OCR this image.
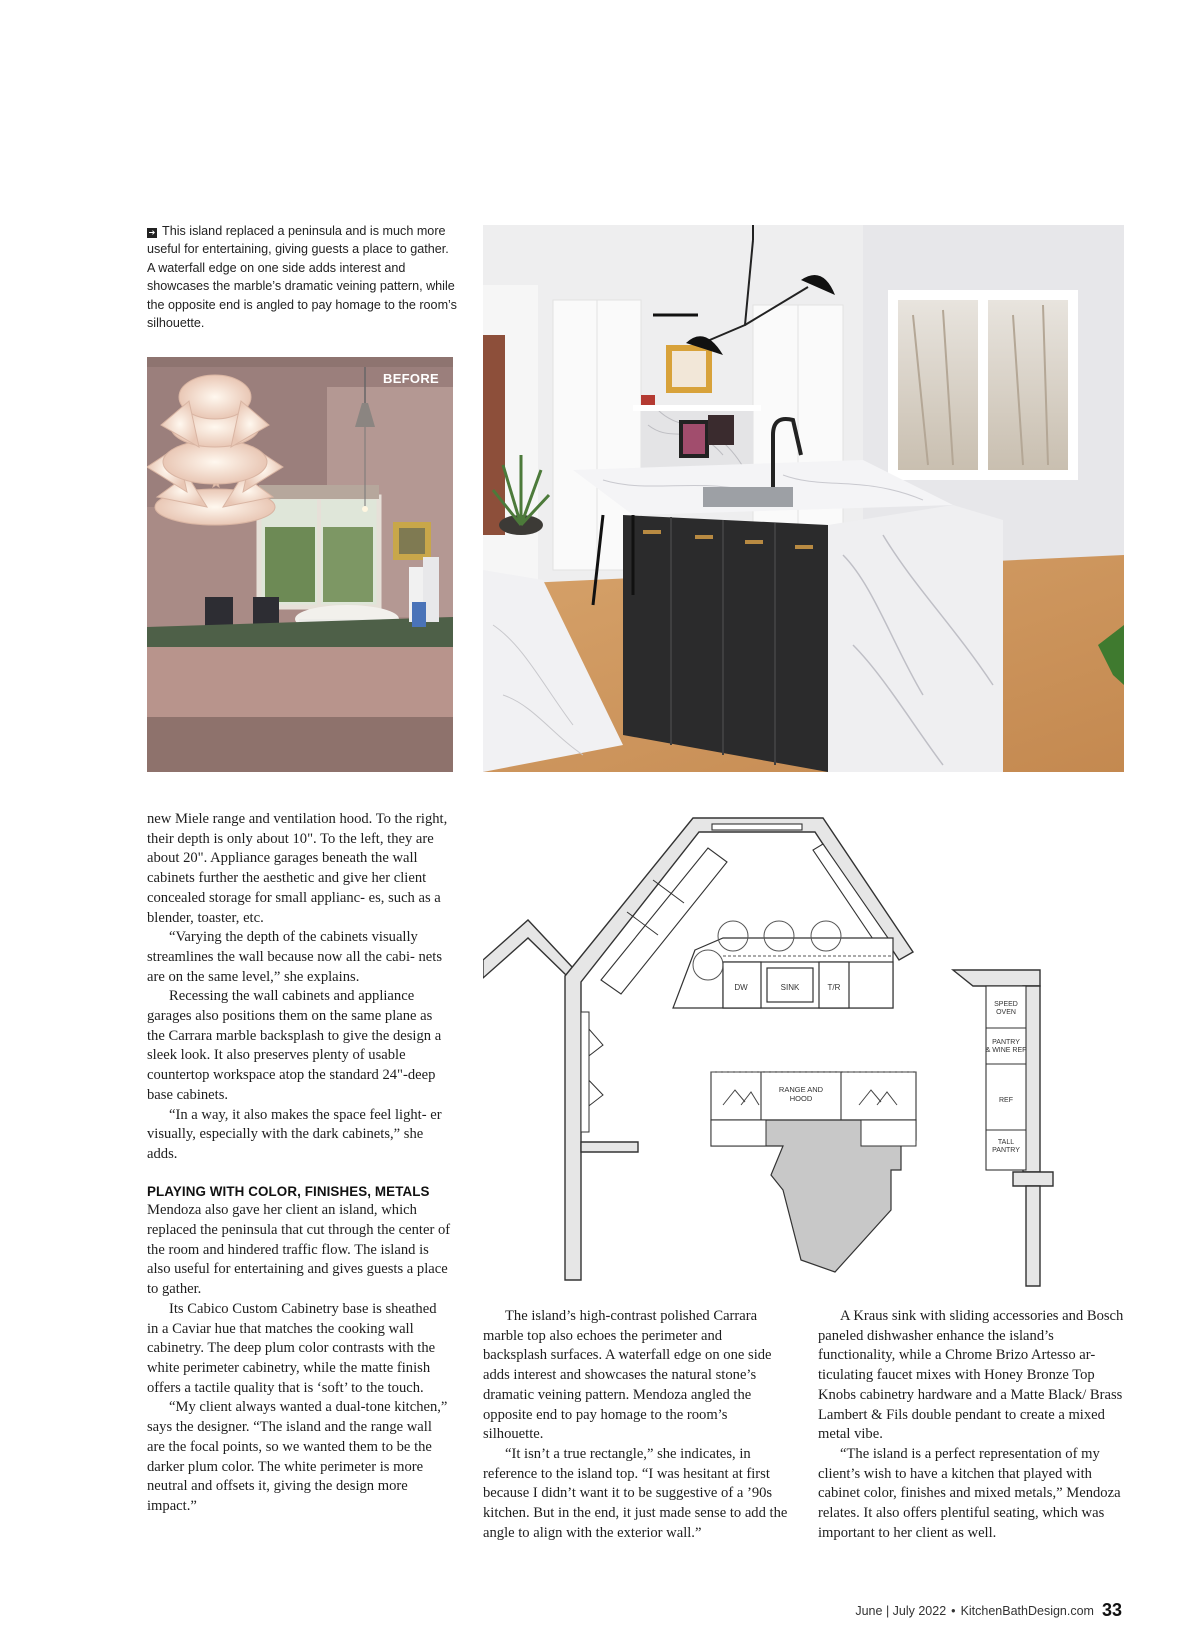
➔ This island replaced a peninsula and is much more useful for entertaining, giving guests a place to gather. A waterfall edge on one side adds interest and showcases the marble’s dramatic veining pattern, while the opposite end is angled to pay homage to the room’s silhouette.
BEFORE
DW	SINK	T/R
RANGE AND
HOOD
SPEED
OVEN
PANTRY
& WINE REF
REF
TALL
PANTRY

new Miele range and ventilation hood. To the right, their depth is only about 10". To the left, they are about 20". Appliance garages beneath the wall cabinets further the aesthetic and give her client concealed storage for small applianc- es, such as a blender, toaster, etc.

“Varying the depth of the cabinets visually streamlines the wall because now all the cabi- nets are on the same level,” she explains.

Recessing the wall cabinets and appliance garages also positions them on the same plane as the Carrara marble backsplash to give the design a sleek look. It also preserves plenty of usable countertop workspace atop the standard 24"-deep base cabinets.

“In a way, it also makes the space feel light- er visually, especially with the dark cabinets,” she adds.

PLAYING WITH COLOR, FINISHES, METALS

Mendoza also gave her client an island, which replaced the peninsula that cut through the center of the room and hindered traffic flow. The island is also useful for entertaining and gives guests a place to gather.

Its Cabico Custom Cabinetry base is sheathed in a Caviar hue that matches the cooking wall cabinetry. The deep plum color contrasts with the white perimeter cabinetry, while the matte finish offers a tactile quality that is ‘soft’ to the touch.

“My client always wanted a dual-tone kitchen,” says the designer. “The island and the range wall are the focal points, so we wanted them to be the darker plum color. The white perimeter is more neutral and offsets it, giving the design more impact.”

The island’s high-contrast polished Carrara marble top also echoes the perimeter and backsplash surfaces. A waterfall edge on one side adds interest and showcases the natural stone’s dramatic veining pattern. Mendoza angled the opposite end to pay homage to the room’s silhouette.

“It isn’t a true rectangle,” she indicates, in reference to the island top. “I was hesitant at first because I didn’t want it to be suggestive of a ’90s kitchen. But in the end, it just made sense to add the angle to align with the exterior wall.”

A Kraus sink with sliding accessories and Bosch paneled dishwasher enhance the island’s functionality, while a Chrome Brizo Artesso ar- ticulating faucet mixes with Honey Bronze Top Knobs cabinetry hardware and a Matte Black/ Brass Lambert & Fils double pendant to create a mixed metal vibe.

“The island is a perfect representation of my client’s wish to have a kitchen that played with cabinet color, finishes and mixed metals,” Mendoza relates. It also offers plentiful seating, which was important to her client as well.

June | July 2022 • KitchenBathDesign.com 33
